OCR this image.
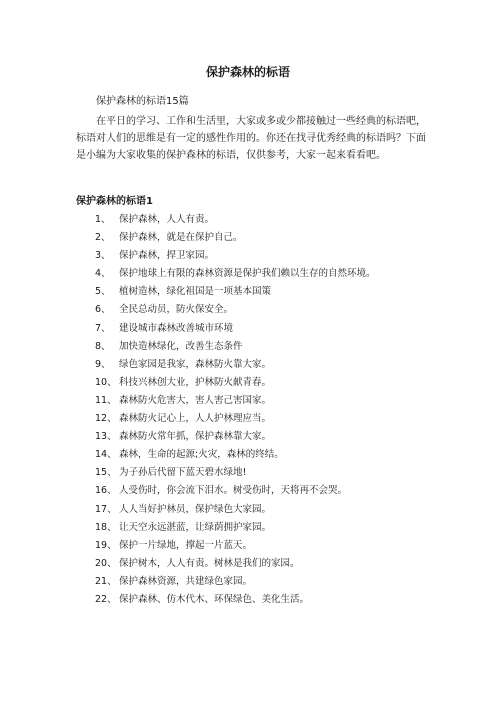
保护森林的标语
保护森林的标语15篇

在平日的学习、工作和生活里，大家或多或少都接触过一些经典的标语吧，标语对人们的思维是有一定的感性作用的。你还在找寻优秀经典的标语吗？下面是小编为大家收集的保护森林的标语，仅供参考，大家一起来看看吧。

保护森林的标语1
1、 保护森林，人人有责。
2、 保护森林，就是在保护自己。
3、 保护森林，捍卫家园。
4、 保护地球上有限的森林资源是保护我们赖以生存的自然环境。
5、 植树造林，绿化祖国是一项基本国策
6、 全民总动员，防火保安全。
7、 建设城市森林改善城市环境
8、 加快造林绿化，改善生态条件
9、 绿色家园是我家，森林防火靠大家。
10、 科技兴林创大业，护林防火献青春。
11、 森林防火危害大，害人害己害国家。
12、 森林防火记心上，人人护林理应当。
13、 森林防火常年抓，保护森林靠大家。
14、 森林，生命的起源;火灾，森林的终结。
15、 为子孙后代留下蓝天碧水绿地!
16、 人受伤时，你会流下泪水。树受伤时，天将再不会哭。
17、 人人当好护林员，保护绿色大家园。
18、 让天空永远湛蓝，让绿荫拥护家园。
19、 保护一片绿地，撑起一片蓝天。
20、 保护树木，人人有责。树林是我们的家园。
21、 保护森林资源，共建绿色家园。
22、 保护森林、仿木代木、环保绿色、美化生活。
